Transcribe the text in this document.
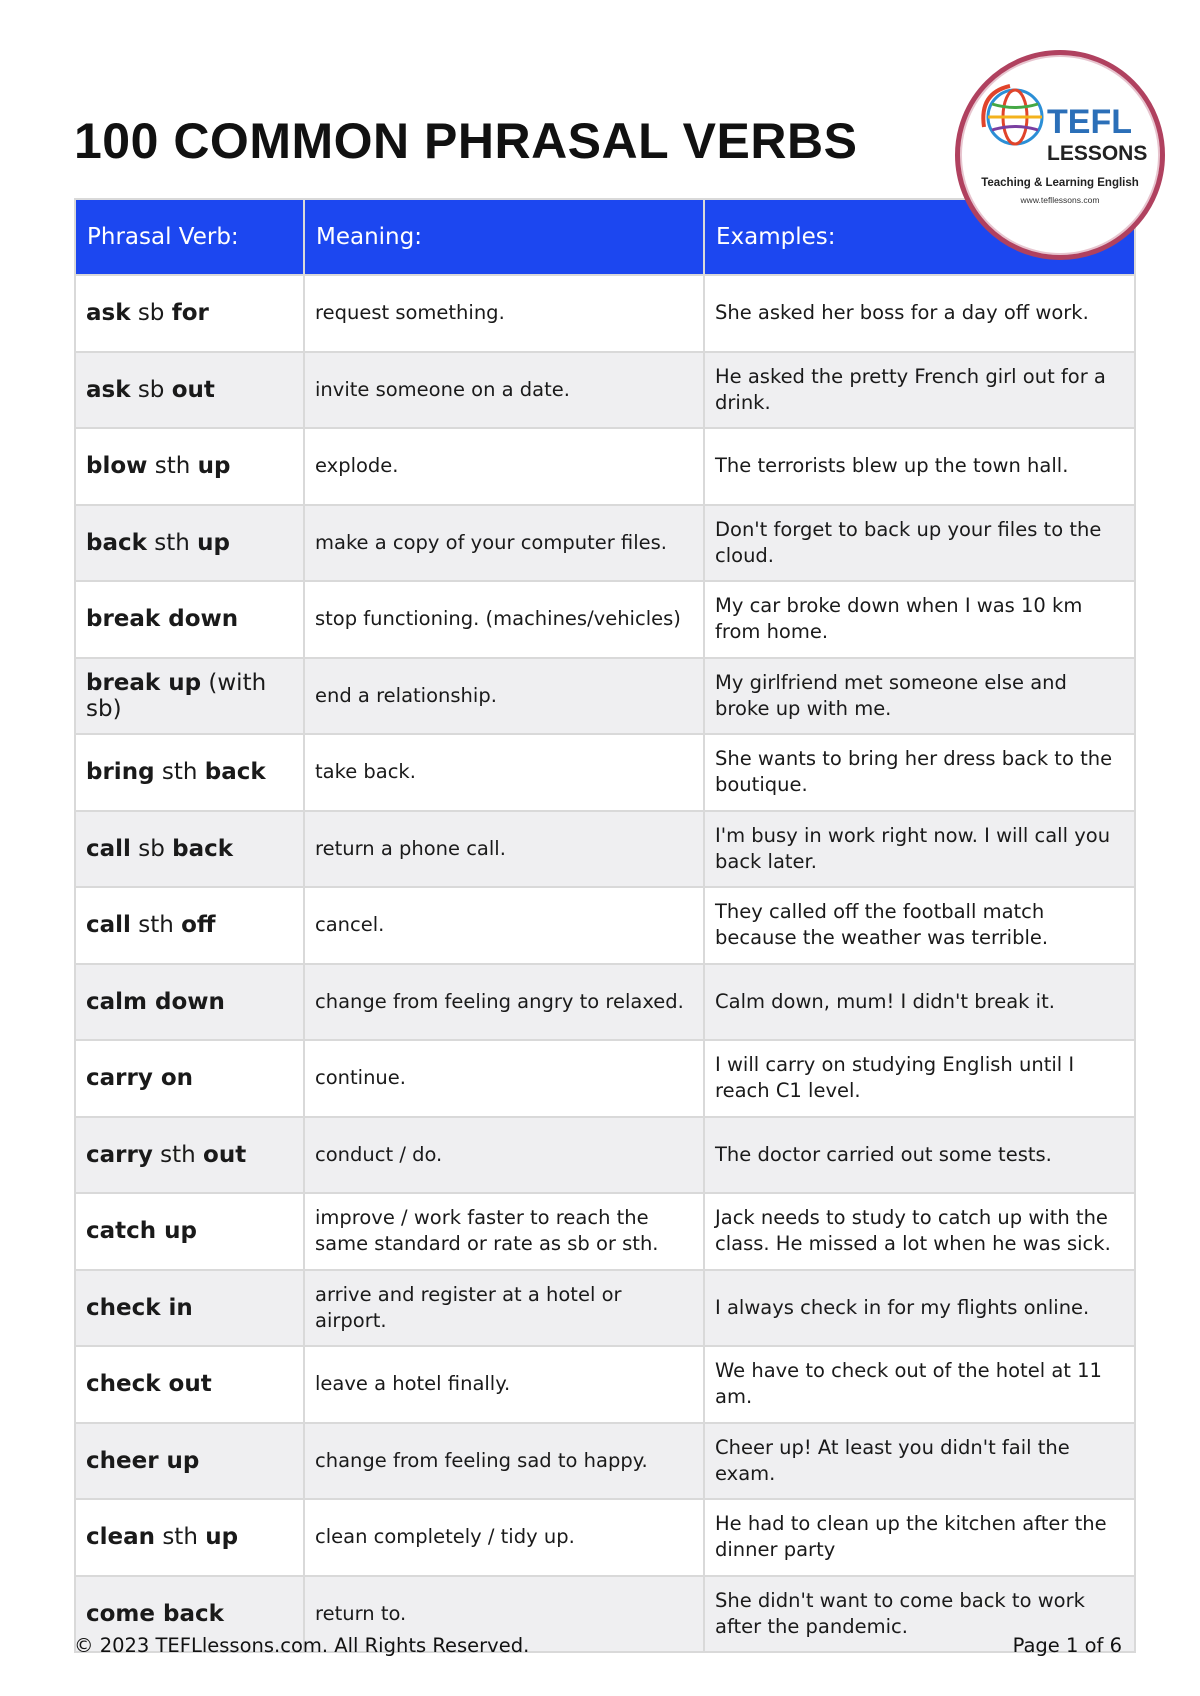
100 COMMON PHRASAL VERBS	TEFL
LESSONS
Teaching & Learning English
www.tefllessons.com
Phrasal Verb:	Meaning:	Examples:
ask sb for	request something.	She asked her boss for a day off work.
ask sb out	invite someone on a date.	He asked the pretty French girl out for a drink.
blow sth up	explode.	The terrorists blew up the town hall.
back sth up	make a copy of your computer files.	Don't forget to back up your files to the cloud.
break down	stop functioning. (machines/vehicles)	My car broke down when I was 10 km from home.
break up (with sb)	end a relationship.	My girlfriend met someone else and broke up with me.
bring sth back	take back.	She wants to bring her dress back to the boutique.
call sb back	return a phone call.	I'm busy in work right now. I will call you back later.
call sth off	cancel.	They called off the football match because the weather was terrible.
calm down	change from feeling angry to relaxed.	Calm down, mum! I didn't break it.
carry on	continue.	I will carry on studying English until I reach C1 level.
carry sth out	conduct / do.	The doctor carried out some tests.
catch up	improve / work faster to reach the same standard or rate as sb or sth.	Jack needs to study to catch up with the class. He missed a lot when he was sick.
check in	arrive and register at a hotel or airport.	I always check in for my flights online.
check out	leave a hotel finally.	We have to check out of the hotel at 11 am.
cheer up	change from feeling sad to happy.	Cheer up! At least you didn't fail the exam.
clean sth up	clean completely / tidy up.	He had to clean up the kitchen after the dinner party
come back	return to.	She didn't want to come back to work after the pandemic.
© 2023 TEFLlessons.com. All Rights Reserved.	Page 1 of 6
